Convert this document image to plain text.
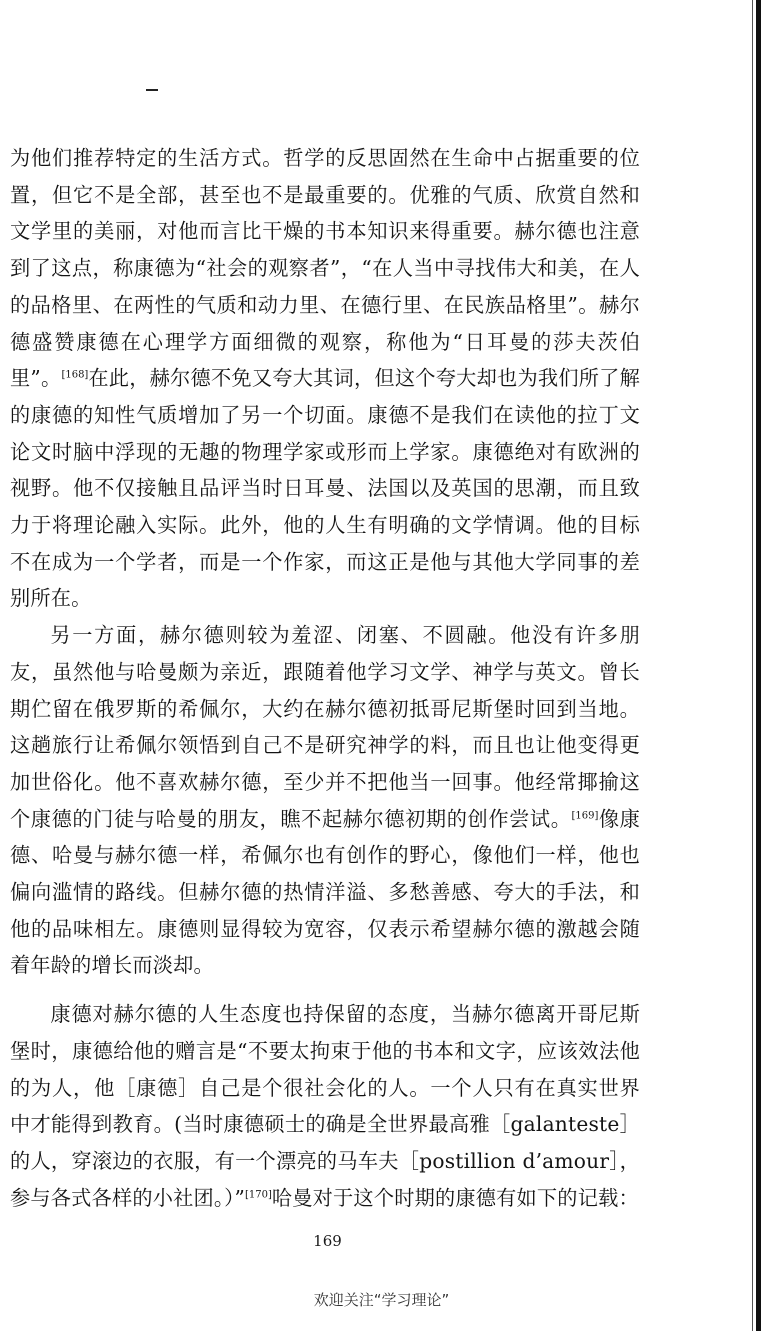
为他们推荐特定的生活方式。哲学的反思固然在生命中占据重要的位置，但它不是全部，甚至也不是最重要的。优雅的气质、欣赏自然和文学里的美丽，对他而言比干燥的书本知识来得重要。赫尔德也注意到了这点，称康德为“社会的观察者”，“在人当中寻找伟大和美，在人的品格里、在两性的气质和动力里、在德行里、在民族品格里”。赫尔德盛赞康德在心理学方面细微的观察，称他为“日耳曼的莎夫茨伯里”。[168]在此，赫尔德不免又夸大其词，但这个夸大却也为我们所了解的康德的知性气质增加了另一个切面。康德不是我们在读他的拉丁文论文时脑中浮现的无趣的物理学家或形而上学家。康德绝对有欧洲的视野。他不仅接触且品评当时日耳曼、法国以及英国的思潮，而且致力于将理论融入实际。此外，他的人生有明确的文学情调。他的目标不在成为一个学者，而是一个作家，而这正是他与其他大学同事的差别所在。

另一方面，赫尔德则较为羞涩、闭塞、不圆融。他没有许多朋友，虽然他与哈曼颇为亲近，跟随着他学习文学、神学与英文。曾长期伫留在俄罗斯的希佩尔，大约在赫尔德初抵哥尼斯堡时回到当地。这趟旅行让希佩尔领悟到自己不是研究神学的料，而且也让他变得更加世俗化。他不喜欢赫尔德，至少并不把他当一回事。他经常揶揄这个康德的门徒与哈曼的朋友，瞧不起赫尔德初期的创作尝试。[169]像康德、哈曼与赫尔德一样，希佩尔也有创作的野心，像他们一样，他也偏向滥情的路线。但赫尔德的热情洋溢、多愁善感、夸大的手法，和他的品味相左。康德则显得较为宽容，仅表示希望赫尔德的激越会随着年龄的增长而淡却。

康德对赫尔德的人生态度也持保留的态度，当赫尔德离开哥尼斯堡时，康德给他的赠言是“不要太拘束于他的书本和文字，应该效法他的为人，他［康德］自己是个很社会化的人。一个人只有在真实世界中才能得到教育。(当时康德硕士的确是全世界最高雅［galanteste］的人，穿滚边的衣服，有一个漂亮的马车夫［postillion d’amour］，参与各式各样的小社团。）”[170]哈曼对于这个时期的康德有如下的记载：

169
欢迎关注“学习理论”
